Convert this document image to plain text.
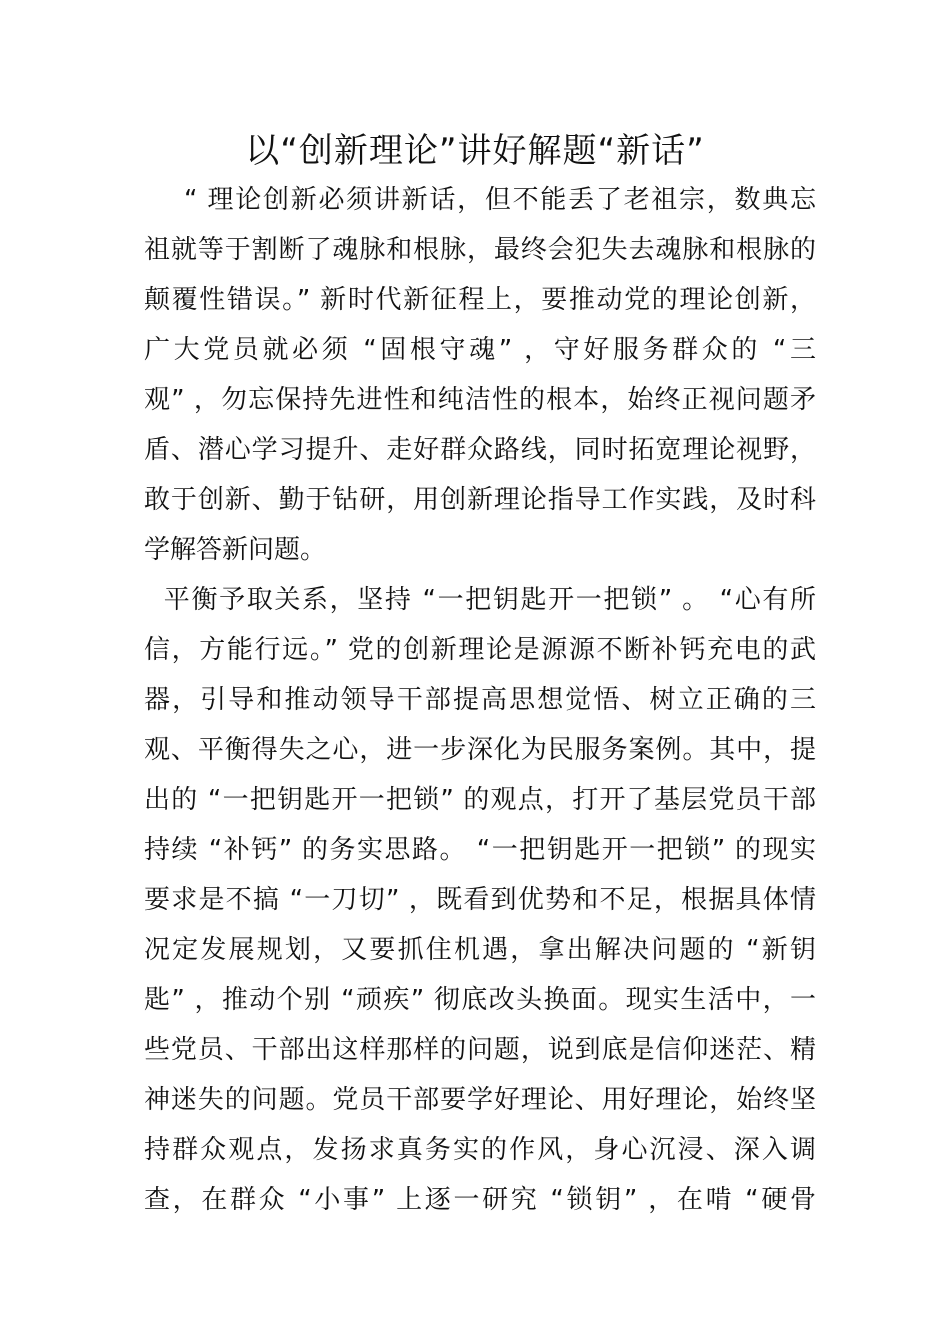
以“创新理论”讲好解题“新话”
“ 理论创新必须讲新话，但不能丢了老祖宗，数典忘
祖就等于割断了魂脉和根脉，最终会犯失去魂脉和根脉的
颠覆性错误。” 新时代新征程上，要推动党的理论创新，
广大党员就必须 “固根守魂” ，守好服务群众的 “三
观” ，勿忘保持先进性和纯洁性的根本，始终正视问题矛
盾、潜心学习提升、走好群众路线，同时拓宽理论视野，
敢于创新、勤于钻研，用创新理论指导工作实践，及时科
学解答新问题。
平衡予取关系，坚持 “一把钥匙开一把锁” 。 “心有所
信，方能行远。” 党的创新理论是源源不断补钙充电的武
器，引导和推动领导干部提高思想觉悟、树立正确的三
观、平衡得失之心，进一步深化为民服务案例。其中，提
出的 “一把钥匙开一把锁” 的观点，打开了基层党员干部
持续 “补钙” 的务实思路。 “一把钥匙开一把锁” 的现实
要求是不搞 “一刀切” ，既看到优势和不足，根据具体情
况定发展规划，又要抓住机遇，拿出解决问题的 “新钥
匙” ，推动个别 “顽疾” 彻底改头换面。现实生活中，一
些党员、干部出这样那样的问题，说到底是信仰迷茫、精
神迷失的问题。党员干部要学好理论、用好理论，始终坚
持群众观点，发扬求真务实的作风，身心沉浸、深入调
查，在群众 “小事” 上逐一研究 “锁钥” ，在啃 “硬骨
